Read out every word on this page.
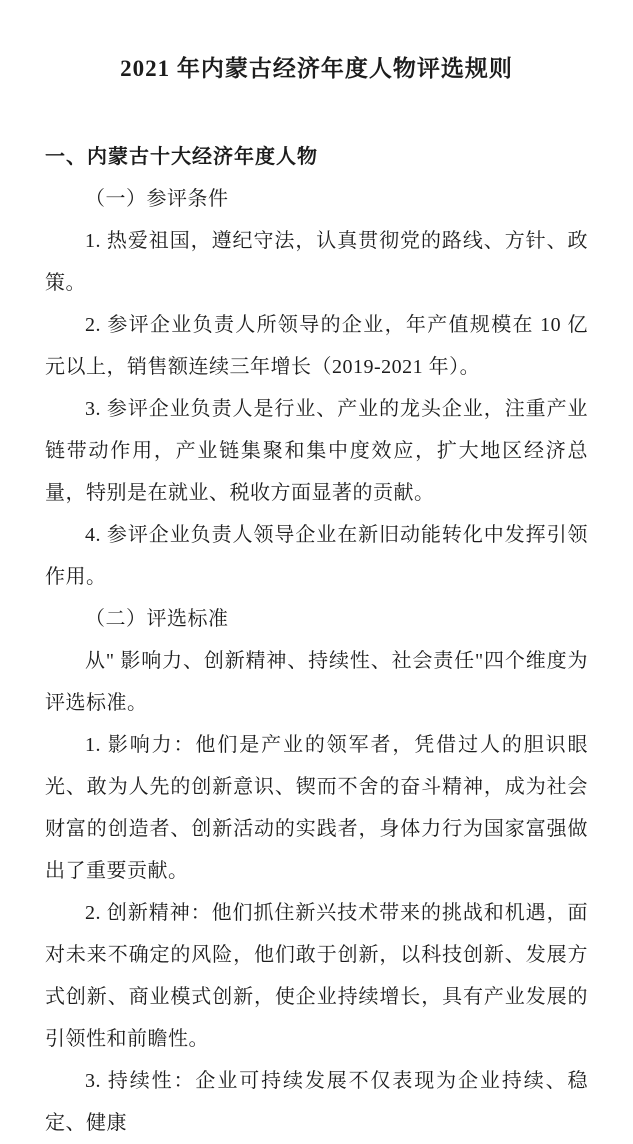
2021 年内蒙古经济年度人物评选规则
一、内蒙古十大经济年度人物

（一）参评条件

1. 热爱祖国，遵纪守法，认真贯彻党的路线、方针、政策。

2. 参评企业负责人所领导的企业，年产值规模在 10 亿元以上，销售额连续三年增长（2019-2021 年）。

3. 参评企业负责人是行业、产业的龙头企业，注重产业链带动作用，产业链集聚和集中度效应，扩大地区经济总量，特别是在就业、税收方面显著的贡献。

4. 参评企业负责人领导企业在新旧动能转化中发挥引领作用。

（二）评选标准

从" 影响力、创新精神、持续性、社会责任"四个维度为评选标准。

1. 影响力：他们是产业的领军者，凭借过人的胆识眼光、敢为人先的创新意识、锲而不舍的奋斗精神，成为社会财富的创造者、创新活动的实践者，身体力行为国家富强做出了重要贡献。

2. 创新精神：他们抓住新兴技术带来的挑战和机遇，面对未来不确定的风险，他们敢于创新，以科技创新、发展方式创新、商业模式创新，使企业持续增长，具有产业发展的引领性和前瞻性。

3. 持续性：企业可持续发展不仅表现为企业持续、稳定、健康
